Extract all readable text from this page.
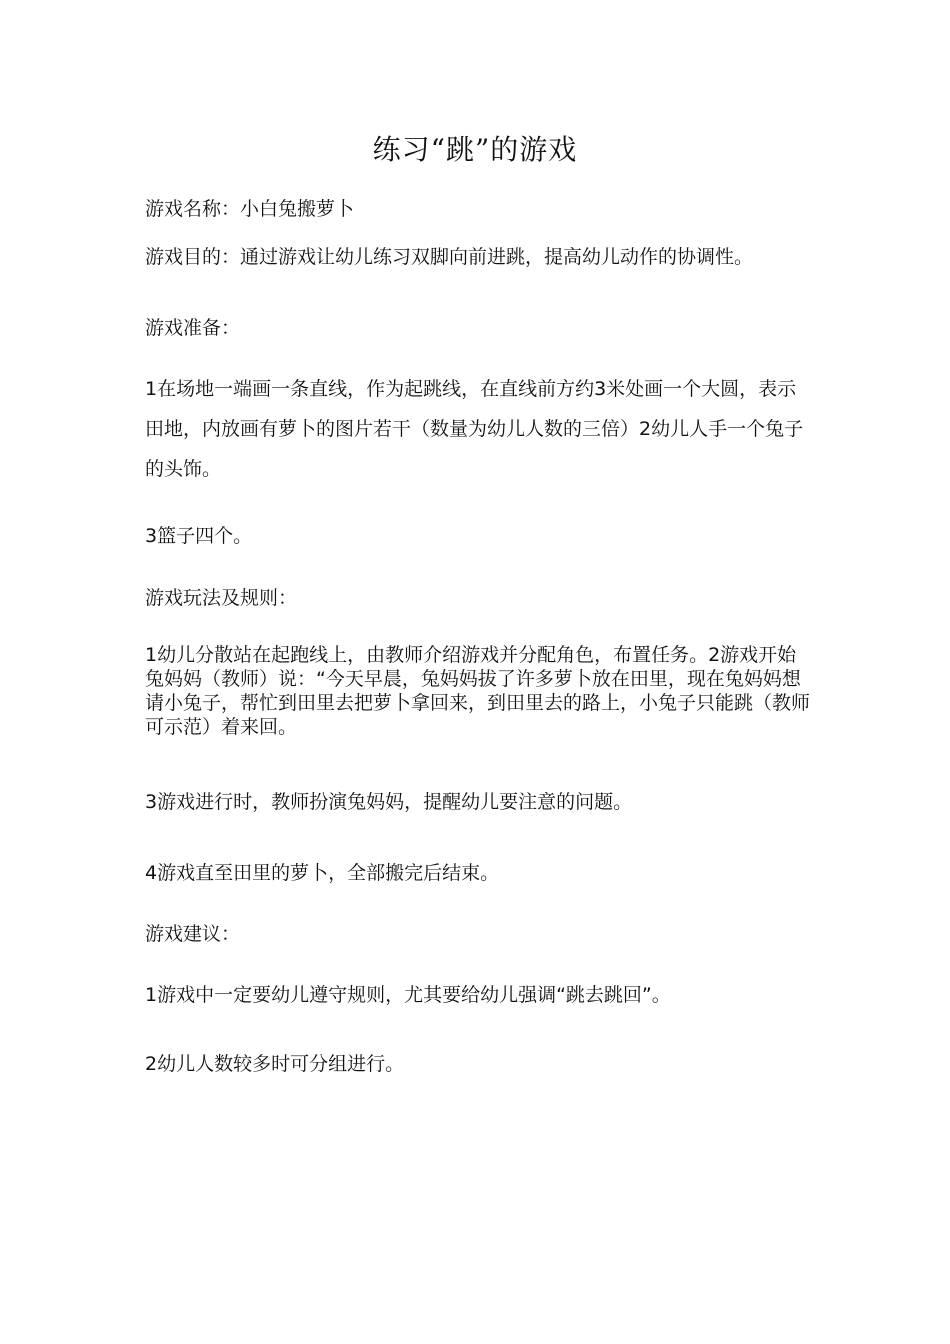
练习“跳”的游戏
游戏名称：小白兔搬萝卜
游戏目的：通过游戏让幼儿练习双脚向前进跳，提高幼儿动作的协调性。
游戏准备：
1在场地一端画一条直线，作为起跳线，在直线前方约3米处画一个大圆，表示田地，内放画有萝卜的图片若干（数量为幼儿人数的三倍）2幼儿人手一个兔子的头饰。
3篮子四个。
游戏玩法及规则：
1幼儿分散站在起跑线上，由教师介绍游戏并分配角色，布置任务。2游戏开始兔妈妈（教师）说：“今天早晨，兔妈妈拔了许多萝卜放在田里，现在兔妈妈想请小兔子，帮忙到田里去把萝卜拿回来，到田里去的路上，小兔子只能跳（教师可示范）着来回。
3游戏进行时，教师扮演兔妈妈，提醒幼儿要注意的问题。
4游戏直至田里的萝卜，全部搬完后结束。
游戏建议：
1游戏中一定要幼儿遵守规则，尤其要给幼儿强调“跳去跳回”。
2幼儿人数较多时可分组进行。
